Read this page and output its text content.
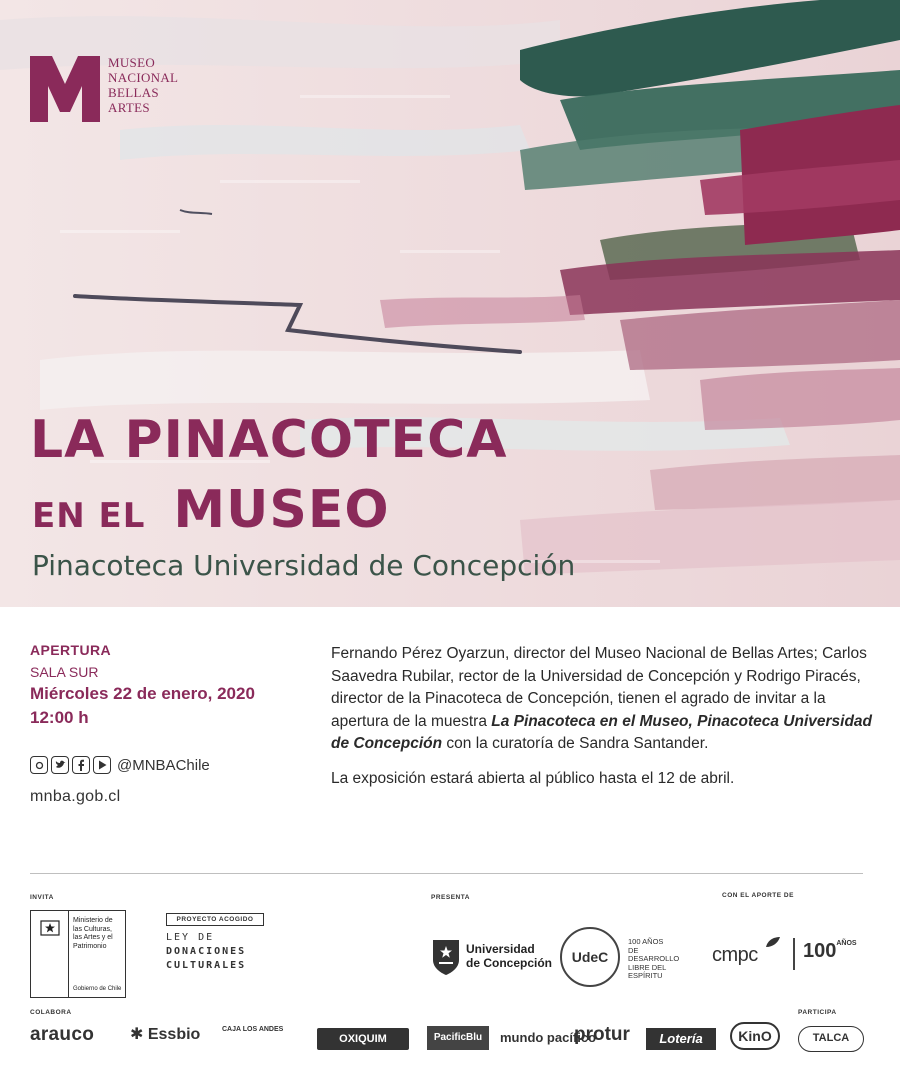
MUSEO
NACIONAL
BELLAS
ARTES
LA PINACOTECA
EN EL MUSEO
Pinacoteca Universidad de Concepción
APERTURA
SALA SUR
Miércoles 22 de enero, 2020
12:00 h
@MNBAChile
mnba.gob.cl

Fernando Pérez Oyarzun, director del Museo Nacional de Bellas Artes; Carlos Saavedra Rubilar, rector de la Universidad de Concepción y Rodrigo Piracés, director de la Pinacoteca de Concepción, tienen el agrado de invitar a la apertura de la muestra La Pinacoteca en el Museo, Pinacoteca Universidad de Concepción con la curatoría de Sandra Santander.

La exposición estará abierta al público hasta el 12 de abril.

INVITA	PRESENTA	CON EL APORTE DE
COLABORA	PARTICIPA
Ministerio de
las Culturas,
las Artes y el
Patrimonio
Gobierno de Chile
PROYECTO ACOGIDO
LEY DE
DONACIONES
CULTURALES
Universidad
de Concepción	UdeC
100 AÑOS
DE
DESARROLLO
LIBRE DEL
ESPÍRITU
cmpc $100^{AÑOS}$
arauco ✱ Essbio	CAJA LOS ANDES
OXIQUIM	PacificBlu	mundo pacífico
protur	Lotería	KinO	TALCA
